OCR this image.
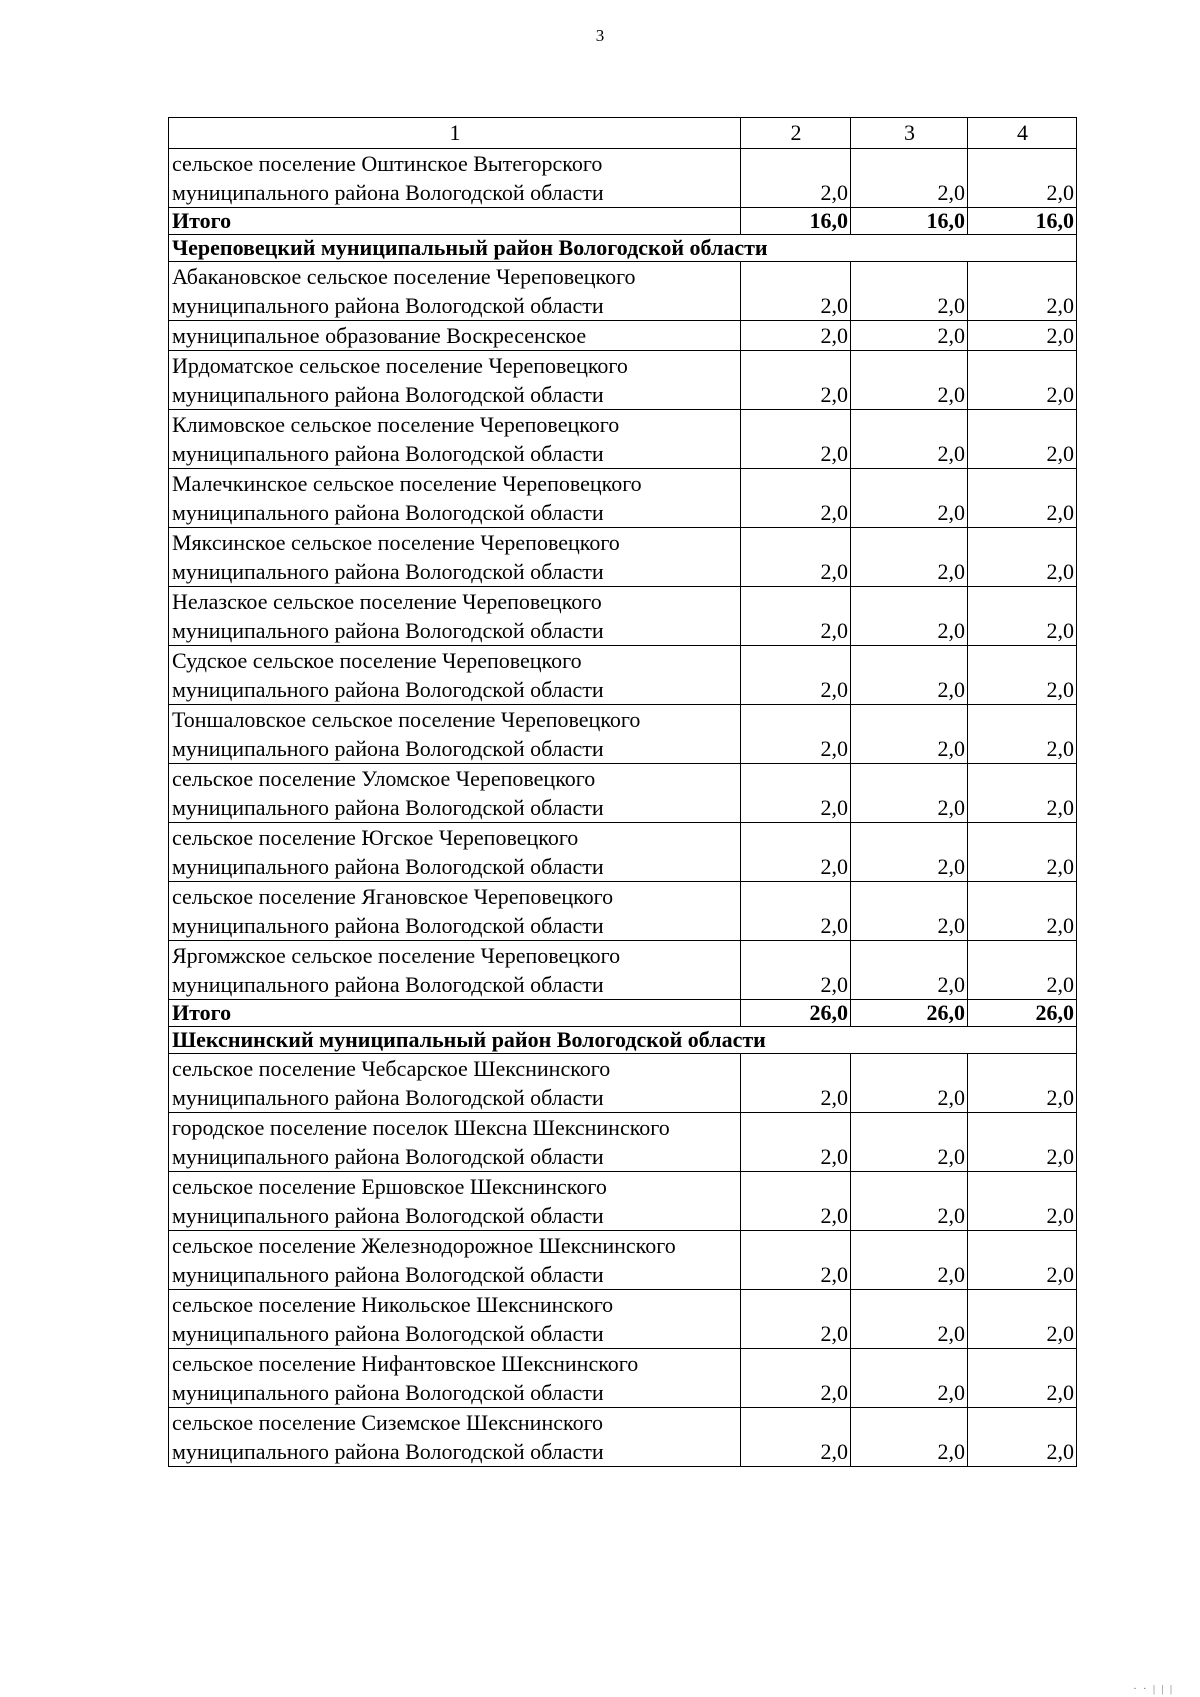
3
1	2	3	4
сельское поселение Оштинское Вытегорского муниципального района Вологодской области	2,0	2,0	2,0
Итого	16,0	16,0	16,0
Череповецкий муниципальный район Вологодской области			
Абакановское сельское поселение Череповецкого муниципального района Вологодской области	2,0	2,0	2,0
муниципальное образование Воскресенское	2,0	2,0	2,0
Ирдоматское сельское поселение Череповецкого муниципального района Вологодской области	2,0	2,0	2,0
Климовское сельское поселение Череповецкого муниципального района Вологодской области	2,0	2,0	2,0
Малечкинское сельское поселение Череповецкого муниципального района Вологодской области	2,0	2,0	2,0
Мяксинское сельское поселение Череповецкого муниципального района Вологодской области	2,0	2,0	2,0
Нелазское сельское поселение Череповецкого муниципального района Вологодской области	2,0	2,0	2,0
Судское сельское поселение Череповецкого муниципального района Вологодской области	2,0	2,0	2,0
Тоншаловское сельское поселение Череповецкого муниципального района Вологодской области	2,0	2,0	2,0
сельское поселение Уломское Череповецкого муниципального района Вологодской области	2,0	2,0	2,0
сельское поселение Югское Череповецкого муниципального района Вологодской области	2,0	2,0	2,0
сельское поселение Ягановское Череповецкого муниципального района Вологодской области	2,0	2,0	2,0
Яргомжское сельское поселение Череповецкого муниципального района Вологодской области	2,0	2,0	2,0
Итого	26,0	26,0	26,0
Шекснинский муниципальный район Вологодской области			
сельское поселение Чебсарское Шекснинского муниципального района Вологодской области	2,0	2,0	2,0
городское поселение поселок Шексна Шекснинского муниципального района Вологодской области	2,0	2,0	2,0
сельское поселение Ершовское Шекснинского муниципального района Вологодской области	2,0	2,0	2,0
сельское поселение Железнодорожное Шекснинского муниципального района Вологодской области	2,0	2,0	2,0
сельское поселение Никольское Шекснинского муниципального района Вологодской области	2,0	2,0	2,0
сельское поселение Нифантовское Шекснинского муниципального района Вологодской области	2,0	2,0	2,0
сельское поселение Сиземское Шекснинского муниципального района Вологодской области	2,0	2,0	2,0
· · | | |
